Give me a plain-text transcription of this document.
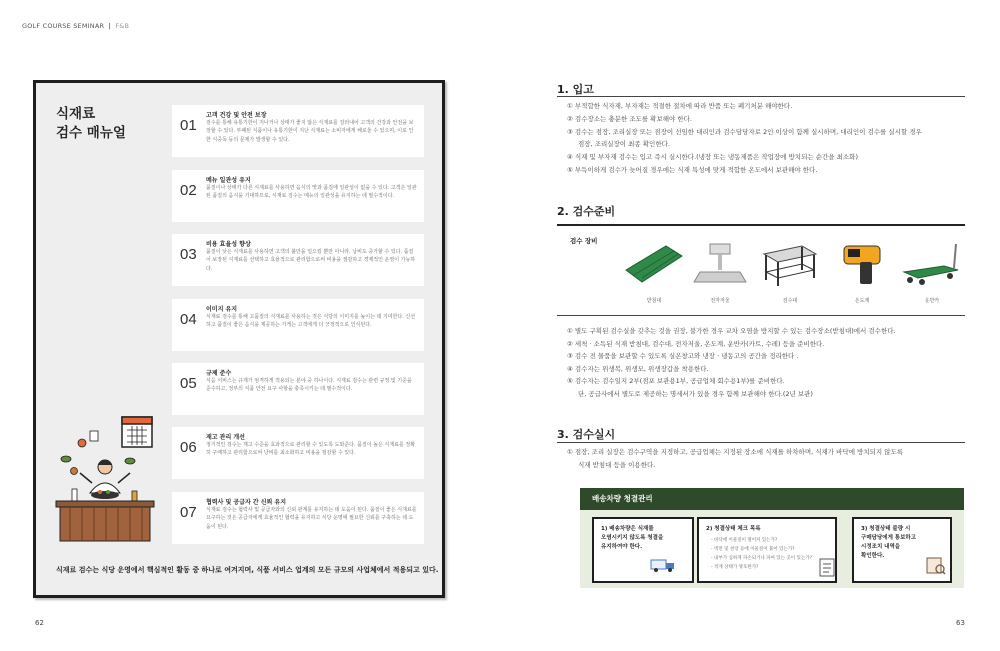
GOLF COURSE SEMINAR | F&B
식재료
검수 매뉴얼	01
고객 건강 및 안전 보장
검수를 통해 유통기한이 지나거나 상태가 좋지 않은 식재료를 걸러내어 고객의 건강과 안전을 보장할 수 있다. 부패된 식품이나 유통기한이 지난 식재료는 소비자에게 해로울 수 있으며, 이로 인한 식중독 등의 문제가 발생할 수 있다.
02
메뉴 일관성 유지
품질이나 상태가 다른 식재료를 사용하면 음식의 맛과 품질에 일관성이 없을 수 있다. 고객은 일관된 품질의 음식을 기대하므로, 식재료 검수는 메뉴의 일관성을 유지하는 데 필수적이다.
03
비용 효율성 향상
품질이 낮은 식재료를 사용하면 고객의 불만을 일으킬 뿐만 아니라, 낭비도 증가할 수 있다. 품질이 보장된 식재료를 선택하고 효율적으로 관리함으로써 비용을 절감하고 경제적인 운영이 가능하다.
04
이미지 유지
식재료 검수를 통해 고품질의 식재료를 사용하는 것은 식당의 이미지를 높이는 데 기여한다. 신선하고 품질이 좋은 음식을 제공하는 가게는 고객에게 더 긍정적으로 인식된다.
05
규제 준수
식음 서비스는 규제가 엄격하게 적용되는 분야 중 하나이다. 식재료 검수는 관련 규정 및 기준을 준수하고, 정부의 식품 안전 요구 사항을 충족시키는 데 필수적이다.
06
재고 관리 개선
정기적인 검수는 재고 수준을 효과적으로 관리할 수 있도록 도와준다. 품질이 높은 식재료를 정확히 구매하고 관리함으로써 낭비를 최소화하고 비용을 절감할 수 있다.
07
협력사 및 공급자 간 신뢰 유지
식재료 검수는 협력사 및 공급자와의 신뢰 관계를 유지하는 데 도움이 된다. 품질이 좋은 식재료를 요구하는 것은 공급자에게 효율적인 협력을 유지하고 식당 운영에 필요한 신뢰를 구축하는 데 도움이 된다.
식재료 검수는 식당 운영에서 핵심적인 활동 중 하나로 여겨지며, 식품 서비스 업계의 모든 규모의 사업체에서 적용되고 있다.
62
1. 입고
① 부적합한 식자재, 부자재는 적절한 절차에 따라 반품 또는 폐기처분 해야한다.
② 검수장소는 충분한 조도를 확보해야 한다.
③ 검수는 점장, 조리실장 또는 점장이 선임한 대리인과 검수담당자로 2인 이상이 함께 실시하며, 대리인이 검수를 실시할 경우
점장, 조리실장이 최종 확인한다.
④ 식재 및 부자재 검수는 입고 즉시 실시한다.(냉장 또는 냉동제품은 작업장에 방치되는 순간을 최소화)
⑤ 부득이하게 검수가 늦어질 경우에는 식재 특성에 맞게 적합한 온도에서 보관해야 한다.
2. 검수준비
검수 장비
받침대	전자저울	검수대	온도계	운반카
① 별도 구획된 검수실을 갖추는 것을 권장, 불가한 경우 교차 오염을 방지할 수 있는 검수장소(받침대)에서 검수한다.
② 세척 · 소독된 식재 받침대, 검수대, 전자저울, 온도계, 운반카(카트, 수레) 등을 준비한다.
③ 검수 전 물품을 보관할 수 있도록 실온창고와 냉장 · 냉동고의 공간을 정리한다 .
④ 검수자는 위생복, 위생모, 위생장갑을 착용한다.
⑤ 검수자는 검수일지 2부(점포 보관용1부, 공급업체 회수용1부)를 준비한다.
단, 공급사에서 별도로 제공하는 명세서가 있을 경우 함께 보관해야 한다.(2년 보관)
3. 검수실시
① 점장, 조리 실장은 검수구역을 지정하고, 공급업체는 지정된 장소에 식재를 하차하며, 식재가 바닥에 방치되지 않도록
식재 받침대 등을 이용한다.
배송차량 청결관리
1) 배송차량은 식재를
오염시키지 않도록 청결을
유지하여야 한다.
2) 청결상태 체크 목록
- 바닥에 이물질이 떨어져 있는가?
- 벽면 및 천장 등에 이물질이 붙어 있는가?
- 내부가 심하게 파손되거나 파여 있는 곳이 있는가?
- 적재 상태가 양호한가?
3) 청결상태 불량 시
구매담당에게 통보하고
시정조치 내역을
확인한다.
63
